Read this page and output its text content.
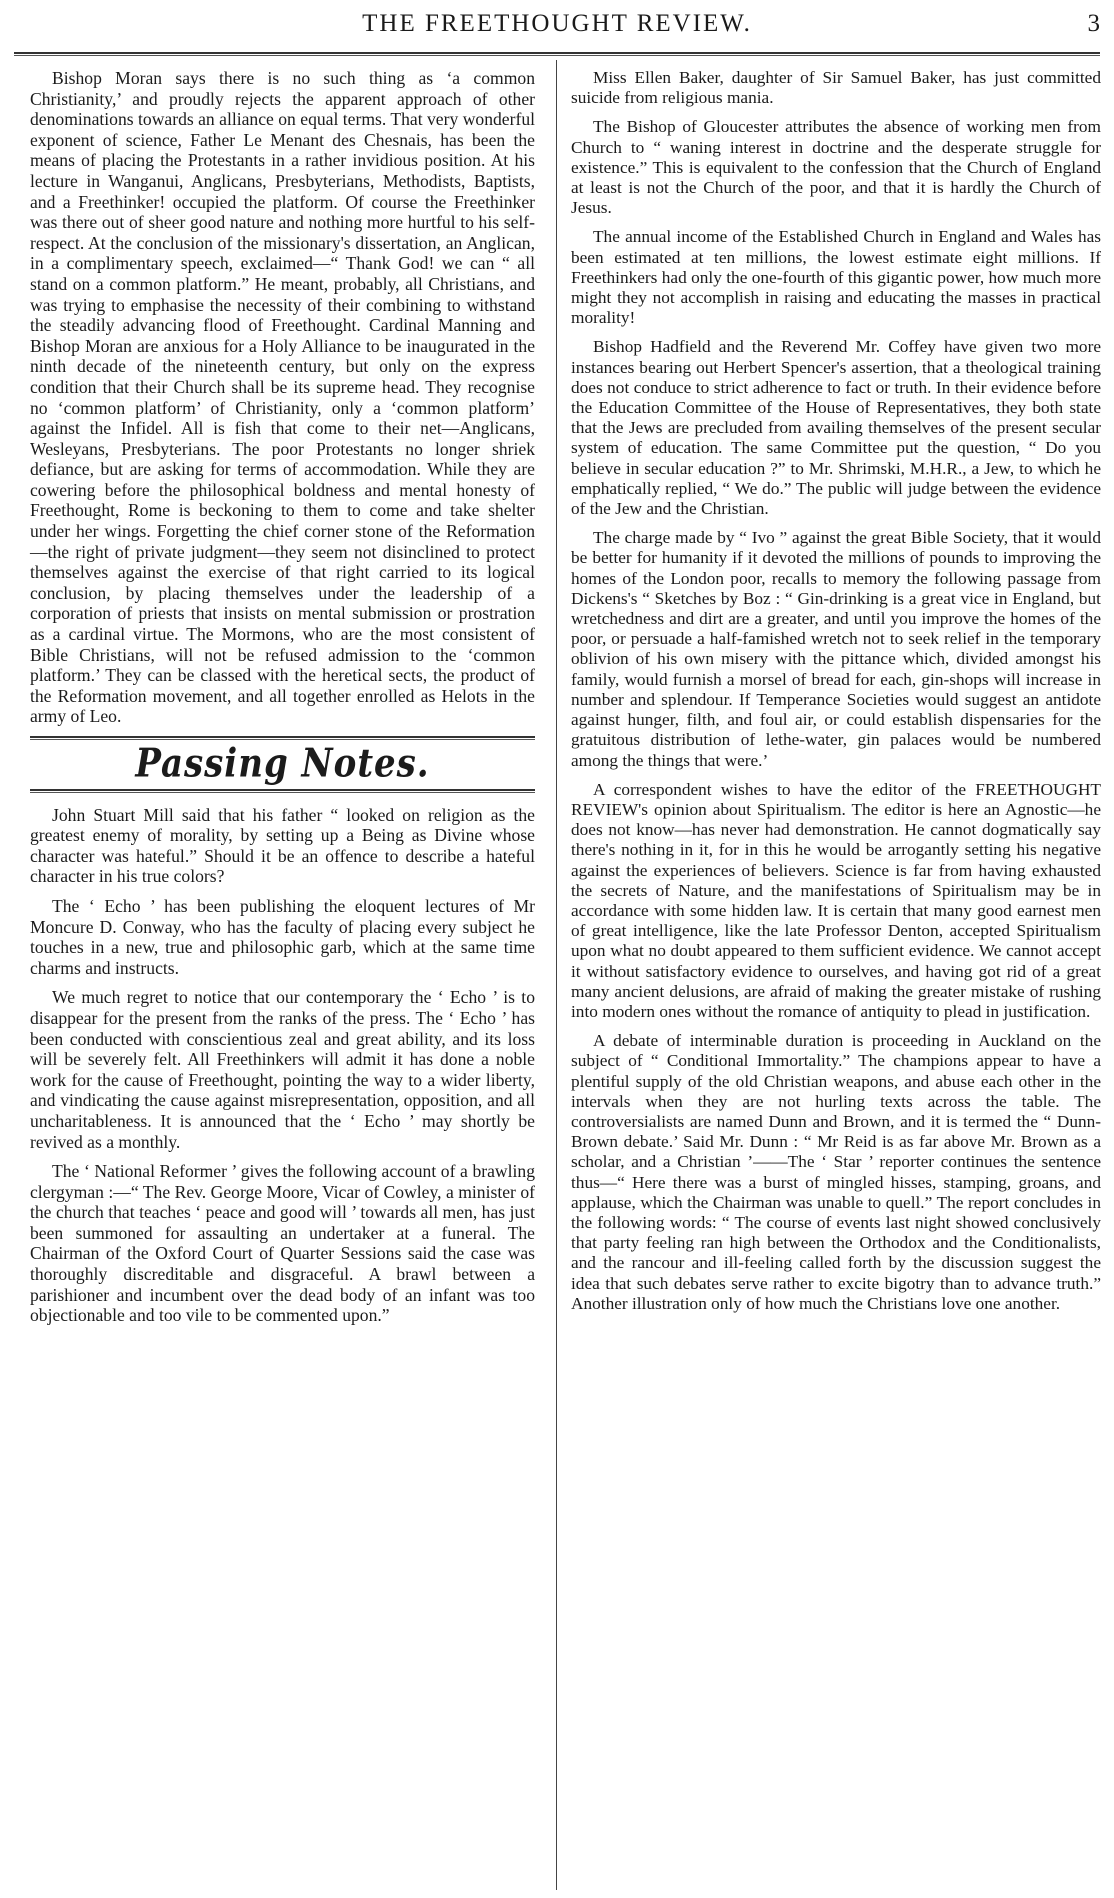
THE FREETHOUGHT REVIEW.	3

Bishop Moran says there is no such thing as ‘a common Christianity,’ and proudly rejects the apparent approach of other denominations towards an alliance on equal terms. That very wonderful exponent of science, Father Le Menant des Chesnais, has been the means of placing the Protestants in a rather invidious position. At his lecture in Wanganui, Anglicans, Presbyterians, Methodists, Baptists, and a Freethinker! occupied the platform. Of course the Freethinker was there out of sheer good nature and nothing more hurtful to his self-respect. At the conclusion of the missionary's dissertation, an Anglican, in a complimentary speech, exclaimed—“ Thank God! we can “ all stand on a common platform.” He meant, probably, all Christians, and was trying to emphasise the necessity of their combining to withstand the steadily advancing flood of Freethought. Cardinal Manning and Bishop Moran are anxious for a Holy Alliance to be inaugurated in the ninth decade of the nineteenth century, but only on the express condition that their Church shall be its supreme head. They recognise no ‘common platform’ of Christianity, only a ‘common platform’ against the Infidel. All is fish that come to their net—Anglicans, Wesleyans, Presbyterians. The poor Protestants no longer shriek defiance, but are asking for terms of accommodation. While they are cowering before the philosophical boldness and mental honesty of Freethought, Rome is beckoning to them to come and take shelter under her wings. Forgetting the chief corner stone of the Reformation—the right of private judgment—they seem not disinclined to protect themselves against the exercise of that right carried to its logical conclusion, by placing themselves under the leadership of a corporation of priests that insists on mental submission or prostration as a cardinal virtue. The Mormons, who are the most consistent of Bible Christians, will not be refused admission to the ‘common platform.’ They can be classed with the heretical sects, the product of the Reformation movement, and all together enrolled as Helots in the army of Leo.

Passing Notes.

John Stuart Mill said that his father “ looked on religion as the greatest enemy of morality, by setting up a Being as Divine whose character was hateful.” Should it be an offence to describe a hateful character in his true colors?

The ‘ Echo ’ has been publishing the eloquent lectures of Mr Moncure D. Conway, who has the faculty of placing every subject he touches in a new, true and philosophic garb, which at the same time charms and instructs.

We much regret to notice that our contemporary the ‘ Echo ’ is to disappear for the present from the ranks of the press. The ‘ Echo ’ has been conducted with conscientious zeal and great ability, and its loss will be severely felt. All Freethinkers will admit it has done a noble work for the cause of Freethought, pointing the way to a wider liberty, and vindicating the cause against misrepresentation, opposition, and all uncharitableness. It is announced that the ‘ Echo ’ may shortly be revived as a monthly.

The ‘ National Reformer ’ gives the following account of a brawling clergyman :—“ The Rev. George Moore, Vicar of Cowley, a minister of the church that teaches ‘ peace and good will ’ towards all men, has just been summoned for assaulting an undertaker at a funeral. The Chairman of the Oxford Court of Quarter Sessions said the case was thoroughly discreditable and disgraceful. A brawl between a parishioner and incumbent over the dead body of an infant was too objectionable and too vile to be commented upon.”

Miss Ellen Baker, daughter of Sir Samuel Baker, has just committed suicide from religious mania.

The Bishop of Gloucester attributes the absence of working men from Church to “ waning interest in doctrine and the desperate struggle for existence.” This is equivalent to the confession that the Church of England at least is not the Church of the poor, and that it is hardly the Church of Jesus.

The annual income of the Established Church in England and Wales has been estimated at ten millions, the lowest estimate eight millions. If Freethinkers had only the one-fourth of this gigantic power, how much more might they not accomplish in raising and educating the masses in practical morality!

Bishop Hadfield and the Reverend Mr. Coffey have given two more instances bearing out Herbert Spencer's assertion, that a theological training does not conduce to strict adherence to fact or truth. In their evidence before the Education Committee of the House of Representatives, they both state that the Jews are precluded from availing themselves of the present secular system of education. The same Committee put the question, “ Do you believe in secular education ?” to Mr. Shrimski, M.H.R., a Jew, to which he emphatically replied, “ We do.” The public will judge between the evidence of the Jew and the Christian.

The charge made by “ Ivo ” against the great Bible Society, that it would be better for humanity if it devoted the millions of pounds to improving the homes of the London poor, recalls to memory the following passage from Dickens's “ Sketches by Boz : “ Gin-drinking is a great vice in England, but wretchedness and dirt are a greater, and until you improve the homes of the poor, or persuade a half-famished wretch not to seek relief in the temporary oblivion of his own misery with the pittance which, divided amongst his family, would furnish a morsel of bread for each, gin-shops will increase in number and splendour. If Temperance Societies would suggest an antidote against hunger, filth, and foul air, or could establish dispensaries for the gratuitous distribution of lethe-water, gin palaces would be numbered among the things that were.’

A correspondent wishes to have the editor of the FREETHOUGHT REVIEW's opinion about Spiritualism. The editor is here an Agnostic—he does not know—has never had demonstration. He cannot dogmatically say there's nothing in it, for in this he would be arrogantly setting his negative against the experiences of believers. Science is far from having exhausted the secrets of Nature, and the manifestations of Spiritualism may be in accordance with some hidden law. It is certain that many good earnest men of great intelligence, like the late Professor Denton, accepted Spiritualism upon what no doubt appeared to them sufficient evidence. We cannot accept it without satisfactory evidence to ourselves, and having got rid of a great many ancient delusions, are afraid of making the greater mistake of rushing into modern ones without the romance of antiquity to plead in justification.

A debate of interminable duration is proceeding in Auckland on the subject of “ Conditional Immortality.” The champions appear to have a plentiful supply of the old Christian weapons, and abuse each other in the intervals when they are not hurling texts across the table. The controversialists are named Dunn and Brown, and it is termed the “ Dunn-Brown debate.’ Said Mr. Dunn : “ Mr Reid is as far above Mr. Brown as a scholar, and a Christian ’——The ‘ Star ’ reporter continues the sentence thus—“ Here there was a burst of mingled hisses, stamping, groans, and applause, which the Chairman was unable to quell.” The report concludes in the following words: “ The course of events last night showed conclusively that party feeling ran high between the Orthodox and the Conditionalists, and the rancour and ill-feeling called forth by the discussion suggest the idea that such debates serve rather to excite bigotry than to advance truth.” Another illustration only of how much the Christians love one another.
